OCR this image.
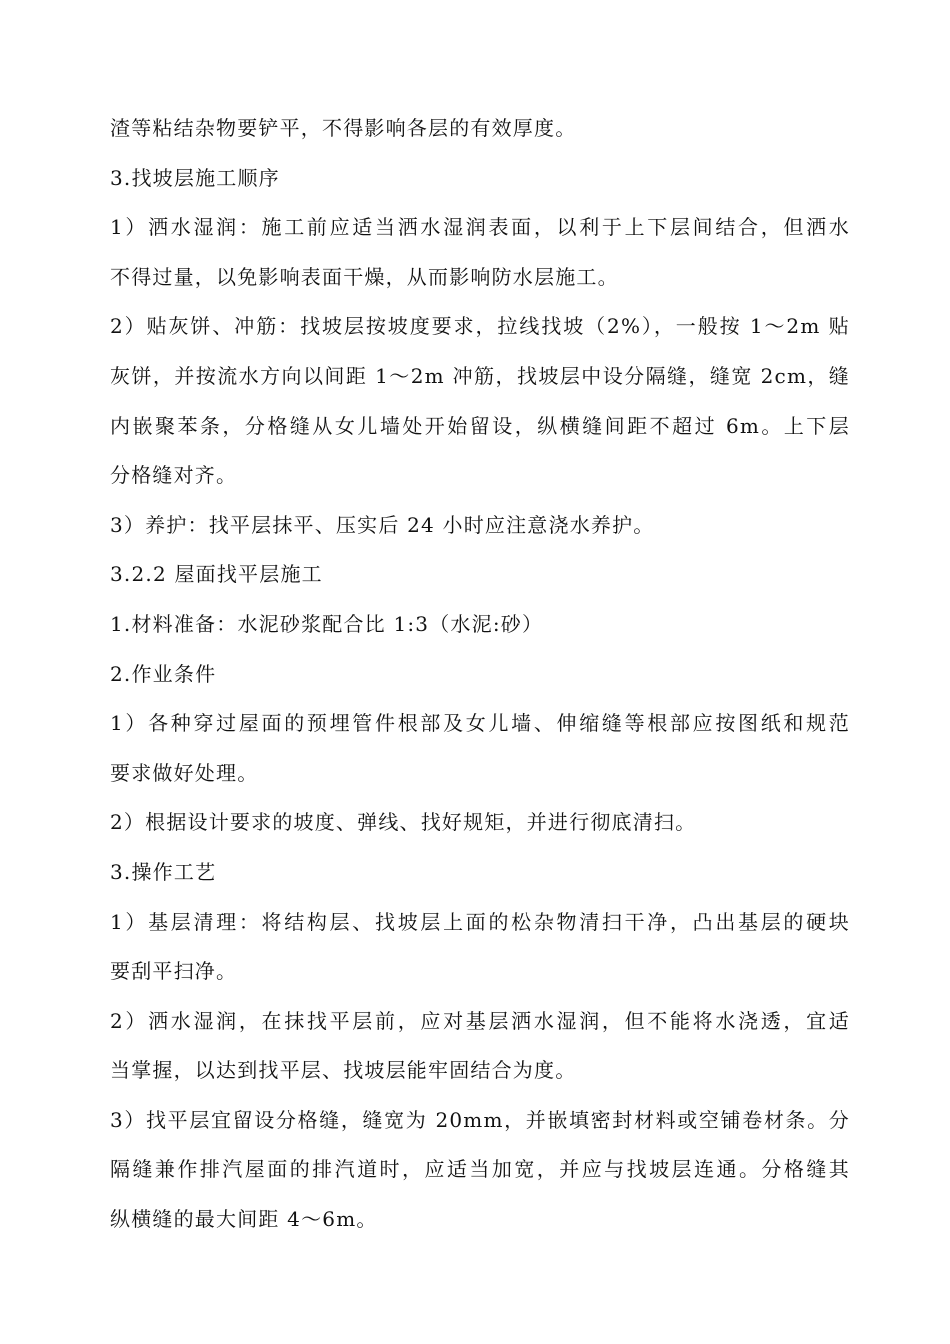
渣等粘结杂物要铲平，不得影响各层的有效厚度。

3.找坡层施工顺序

1）洒水湿润：施工前应适当洒水湿润表面，以利于上下层间结合，但洒水

不得过量，以免影响表面干燥，从而影响防水层施工。

2）贴灰饼、冲筋：找坡层按坡度要求，拉线找坡（2%），一般按 1～2m 贴

灰饼，并按流水方向以间距 1～2m 冲筋，找坡层中设分隔缝，缝宽 2cm，缝

内嵌聚苯条，分格缝从女儿墙处开始留设，纵横缝间距不超过 6m。上下层

分格缝对齐。

3）养护：找平层抹平、压实后 24 小时应注意浇水养护。

3.2.2 屋面找平层施工

1.材料准备：水泥砂浆配合比 1:3（水泥:砂）

2.作业条件

1）各种穿过屋面的预埋管件根部及女儿墙、伸缩缝等根部应按图纸和规范

要求做好处理。

2）根据设计要求的坡度、弹线、找好规矩，并进行彻底清扫。

3.操作工艺

1）基层清理：将结构层、找坡层上面的松杂物清扫干净，凸出基层的硬块

要刮平扫净。

2）洒水湿润，在抹找平层前，应对基层洒水湿润，但不能将水浇透，宜适

当掌握，以达到找平层、找坡层能牢固结合为度。

3）找平层宜留设分格缝，缝宽为 20mm，并嵌填密封材料或空铺卷材条。分

隔缝兼作排汽屋面的排汽道时，应适当加宽，并应与找坡层连通。分格缝其

纵横缝的最大间距 4～6m。
